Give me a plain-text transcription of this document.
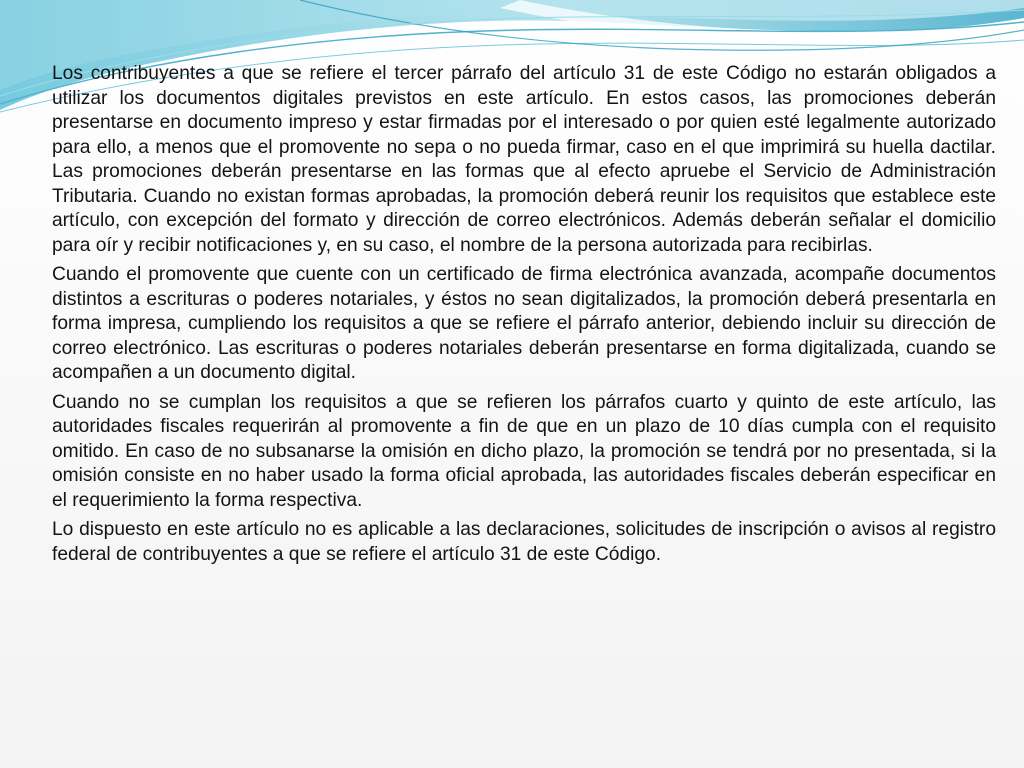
Los contribuyentes a que se refiere el tercer párrafo del artículo 31 de este Código no estarán obligados a utilizar los documentos digitales previstos en este artículo. En estos casos, las promociones deberán presentarse en documento impreso y estar firmadas por el interesado o por quien esté legalmente autorizado para ello, a menos que el promovente no sepa o no pueda firmar, caso en el que imprimirá su huella dactilar. Las promociones deberán presentarse en las formas que al efecto apruebe el Servicio de Administración Tributaria. Cuando no existan formas aprobadas, la promoción deberá reunir los requisitos que establece este artículo, con excepción del formato y dirección de correo electrónicos. Además deberán señalar el domicilio para oír y recibir notificaciones y, en su caso, el nombre de la persona autorizada para recibirlas.

Cuando el promovente que cuente con un certificado de firma electrónica avanzada, acompañe documentos distintos a escrituras o poderes notariales, y éstos no sean digitalizados, la promoción deberá presentarla en forma impresa, cumpliendo los requisitos a que se refiere el párrafo anterior, debiendo incluir su dirección de correo electrónico. Las escrituras o poderes notariales deberán presentarse en forma digitalizada, cuando se acompañen a un documento digital.

Cuando no se cumplan los requisitos a que se refieren los párrafos cuarto y quinto de este artículo, las autoridades fiscales requerirán al promovente a fin de que en un plazo de 10 días cumpla con el requisito omitido. En caso de no subsanarse la omisión en dicho plazo, la promoción se tendrá por no presentada, si la omisión consiste en no haber usado la forma oficial aprobada, las autoridades fiscales deberán especificar en el requerimiento la forma respectiva.

Lo dispuesto en este artículo no es aplicable a las declaraciones, solicitudes de inscripción o avisos al registro federal de contribuyentes a que se refiere el artículo 31 de este Código.
